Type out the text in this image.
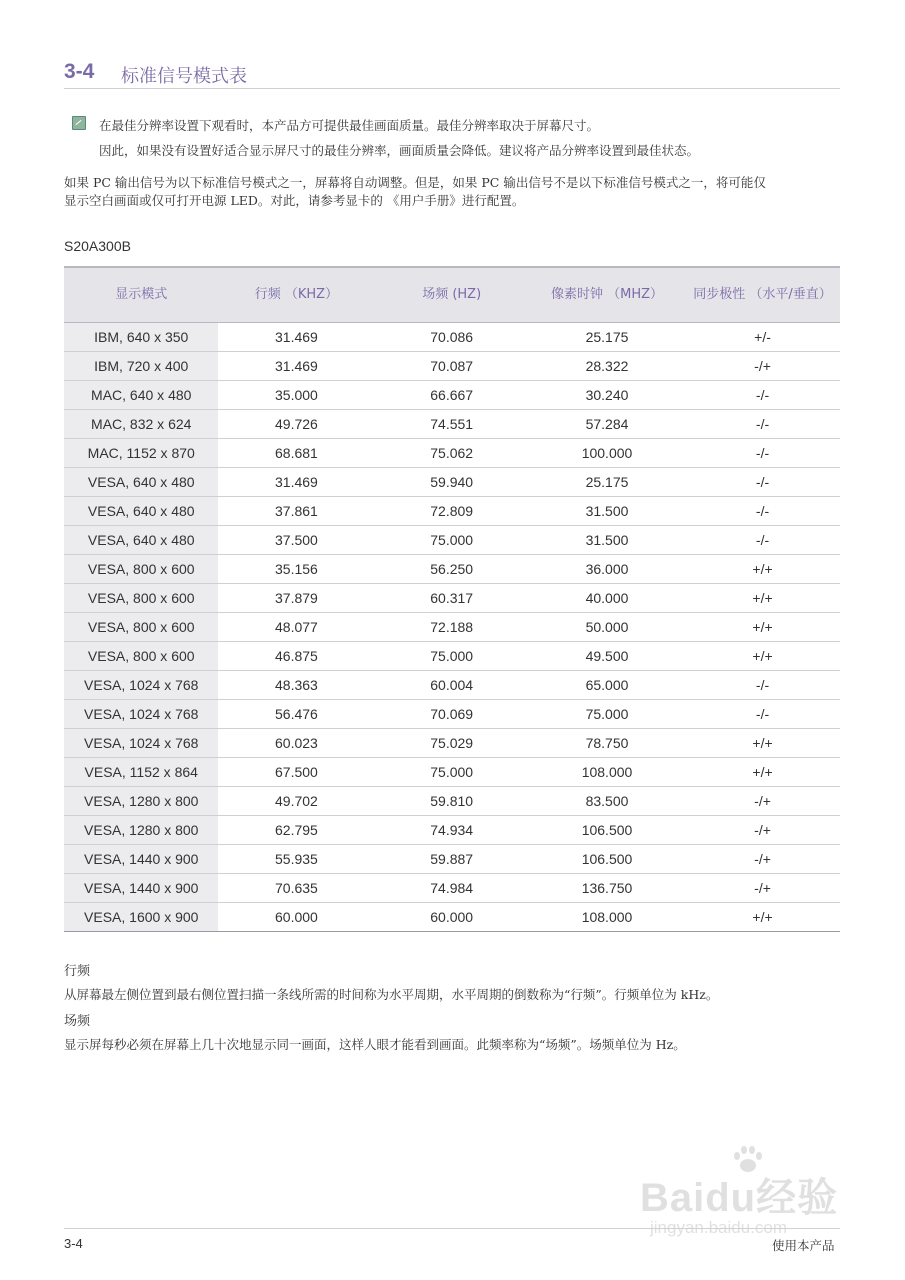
3-4 标准信号模式表
在最佳分辨率设置下观看时，本产品方可提供最佳画面质量。最佳分辨率取决于屏幕尺寸。
因此，如果没有设置好适合显示屏尺寸的最佳分辨率，画面质量会降低。建议将产品分辨率设置到最佳状态。
如果 PC 输出信号为以下标准信号模式之一，屏幕将自动调整。但是，如果 PC 输出信号不是以下标准信号模式之一，将可能仅
显示空白画面或仅可打开电源 LED。对此，请参考显卡的 《用户手册》进行配置。
S20A300B
显示模式	行频 （KHZ）	场频 (HZ)	像素时钟 （MHZ）	同步极性 （水平/垂直）
IBM, 640 x 350	31.469	70.086	25.175	+/-
IBM, 720 x 400	31.469	70.087	28.322	-/+
MAC, 640 x 480	35.000	66.667	30.240	-/-
MAC, 832 x 624	49.726	74.551	57.284	-/-
MAC, 1152 x 870	68.681	75.062	100.000	-/-
VESA, 640 x 480	31.469	59.940	25.175	-/-
VESA, 640 x 480	37.861	72.809	31.500	-/-
VESA, 640 x 480	37.500	75.000	31.500	-/-
VESA, 800 x 600	35.156	56.250	36.000	+/+
VESA, 800 x 600	37.879	60.317	40.000	+/+
VESA, 800 x 600	48.077	72.188	50.000	+/+
VESA, 800 x 600	46.875	75.000	49.500	+/+
VESA, 1024 x 768	48.363	60.004	65.000	-/-
VESA, 1024 x 768	56.476	70.069	75.000	-/-
VESA, 1024 x 768	60.023	75.029	78.750	+/+
VESA, 1152 x 864	67.500	75.000	108.000	+/+
VESA, 1280 x 800	49.702	59.810	83.500	-/+
VESA, 1280 x 800	62.795	74.934	106.500	-/+
VESA, 1440 x 900	55.935	59.887	106.500	-/+
VESA, 1440 x 900	70.635	74.984	136.750	-/+
VESA, 1600 x 900	60.000	60.000	108.000	+/+
行频
从屏幕最左侧位置到最右侧位置扫描一条线所需的时间称为水平周期，水平周期的倒数称为“行频”。行频单位为 kHz。
场频
显示屏每秒必须在屏幕上几十次地显示同一画面，这样人眼才能看到画面。此频率称为“场频”。场频单位为 Hz。
Baidu经验
jingyan.baidu.com
3-4	使用本产品
